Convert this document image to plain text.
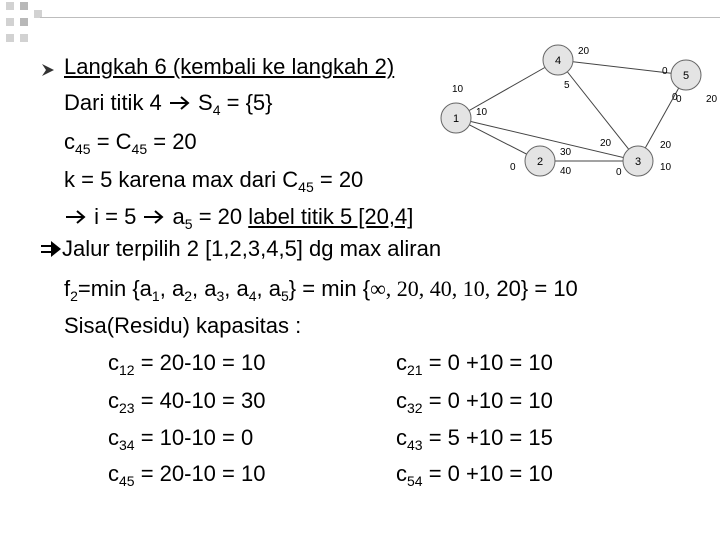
Langkah 6 (kembali ke langkah 2)
Dari titik 4  $S_4 = \{5\}$
$c_{45} = C_{45} = 20$
k = 5 karena max dari $C_{45} = 20$
i = 5  $a_5 = 20$ label titik 5 [20,4]
Jalur terpilih 2 [1,2,3,4,5] dg max aliran
$f_2=\min$ {$a_1$, $a_2$, $a_3$, $a_4$, $a_5\} = \min$ {∞, 20, 40, 10, 20} = 10
Sisa(Residu) kapasitas :
$c_{12} = 20-10 = 10$	$c_{21} = 0 +10 = 10$
$c_{23} = 40-10 = 30$	$c_{32} = 0 +10 = 10$
$c_{34} = 10-10 = 0$	$c_{43} = 5 +10 = 15$
$c_{45} = 20-10 = 10$	$c_{54} = 0 +10 = 10$
1
2	3
4
5
20
5
0
0
10
10
20
30
20
10
0	40	0
0	20
